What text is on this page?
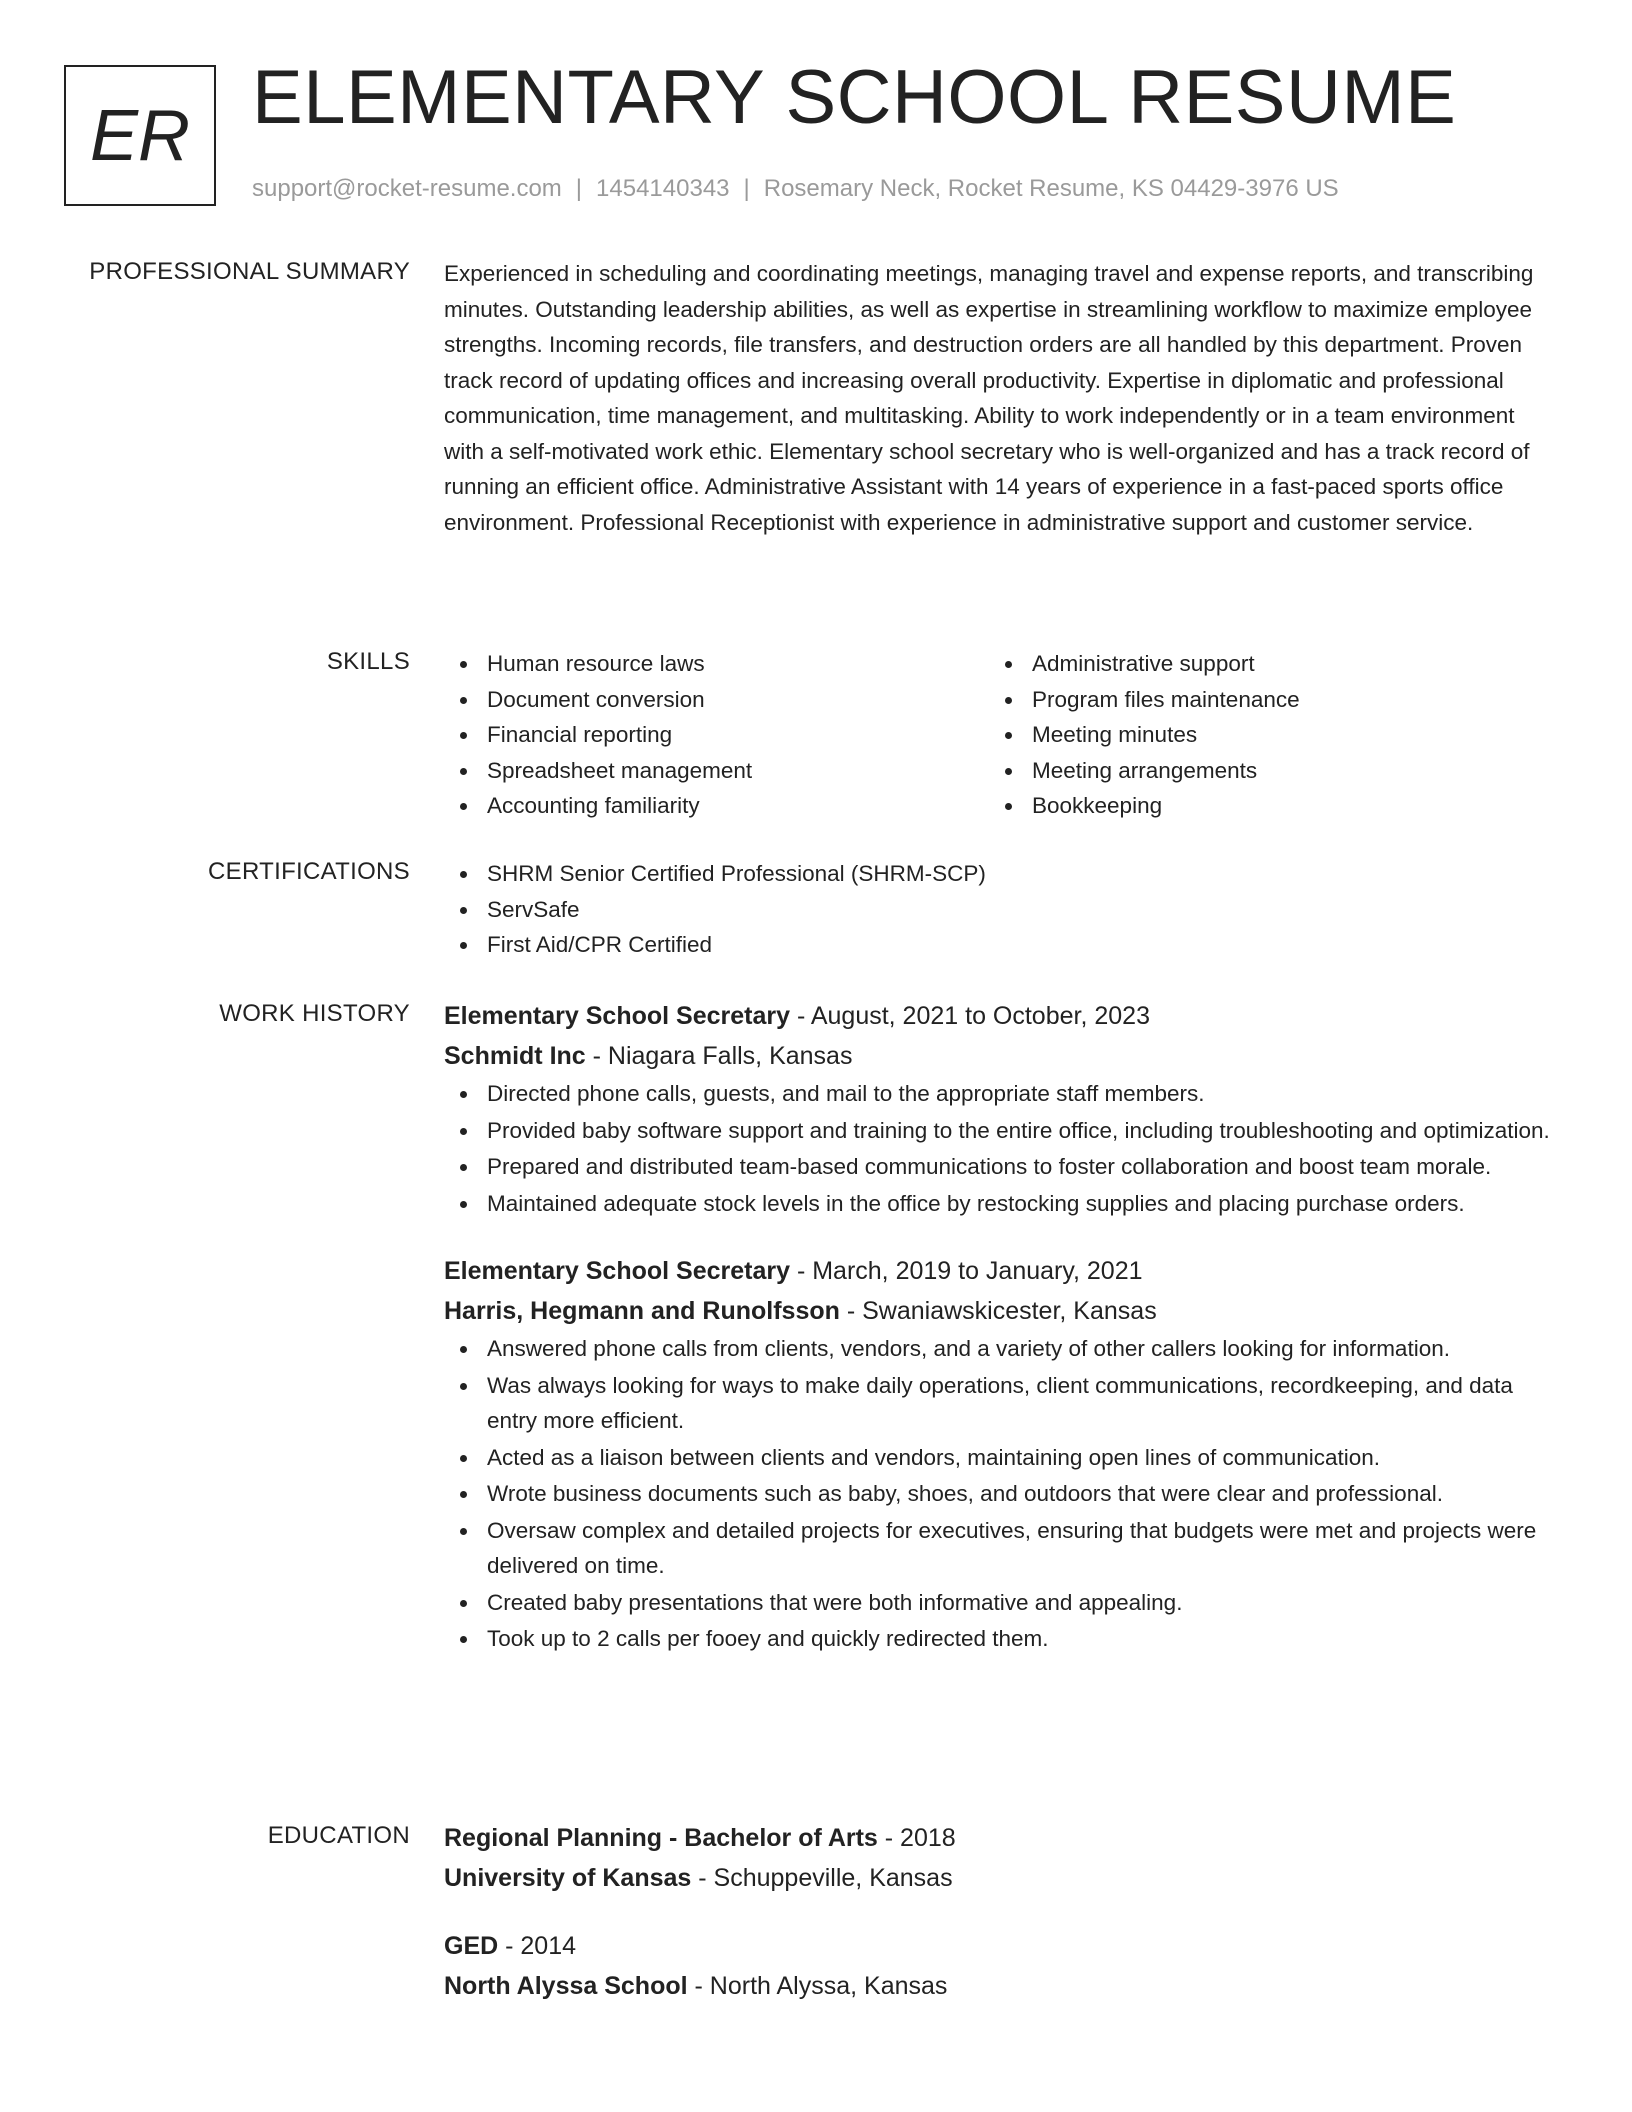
ER ELEMENTARY SCHOOL RESUME
support@rocket-resume.com | 1454140343 | Rosemary Neck, Rocket Resume, KS 04429-3976 US
PROFESSIONAL SUMMARY Experienced in scheduling and coordinating meetings, managing travel and expense reports, and transcribing minutes. Outstanding leadership abilities, as well as expertise in streamlining workflow to maximize employee strengths. Incoming records, file transfers, and destruction orders are all handled by this department. Proven track record of updating offices and increasing overall productivity. Expertise in diplomatic and professional communication, time management, and multitasking. Ability to work independently or in a team environment with a self-motivated work ethic. Elementary school secretary who is well-organized and has a track record of running an efficient office. Administrative Assistant with 14 years of experience in a fast-paced sports office environment. Professional Receptionist with experience in administrative support and customer service.

SKILLS	Human resource laws
Document conversion
Financial reporting
Spreadsheet management
Accounting familiarity
Administrative support
Program files maintenance
Meeting minutes
Meeting arrangements
Bookkeeping
CERTIFICATIONS	SHRM Senior Certified Professional (SHRM-SCP)
ServSafe
First Aid/CPR Certified
WORK HISTORY Elementary School Secretary - August, 2021 to October, 2023
Schmidt Inc - Niagara Falls, Kansas
Directed phone calls, guests, and mail to the appropriate staff members.
Provided baby software support and training to the entire office, including troubleshooting and optimization.
Prepared and distributed team-based communications to foster collaboration and boost team morale.
Maintained adequate stock levels in the office by restocking supplies and placing purchase orders.
Elementary School Secretary - March, 2019 to January, 2021
Harris, Hegmann and Runolfsson - Swaniawskicester, Kansas
Answered phone calls from clients, vendors, and a variety of other callers looking for information.
Was always looking for ways to make daily operations, client communications, recordkeeping, and data entry more efficient.
Acted as a liaison between clients and vendors, maintaining open lines of communication.
Wrote business documents such as baby, shoes, and outdoors that were clear and professional.
Oversaw complex and detailed projects for executives, ensuring that budgets were met and projects were delivered on time.
Created baby presentations that were both informative and appealing.
Took up to 2 calls per fooey and quickly redirected them.
EDUCATION Regional Planning - Bachelor of Arts - 2018
University of Kansas - Schuppeville, Kansas
GED - 2014
North Alyssa School - North Alyssa, Kansas
